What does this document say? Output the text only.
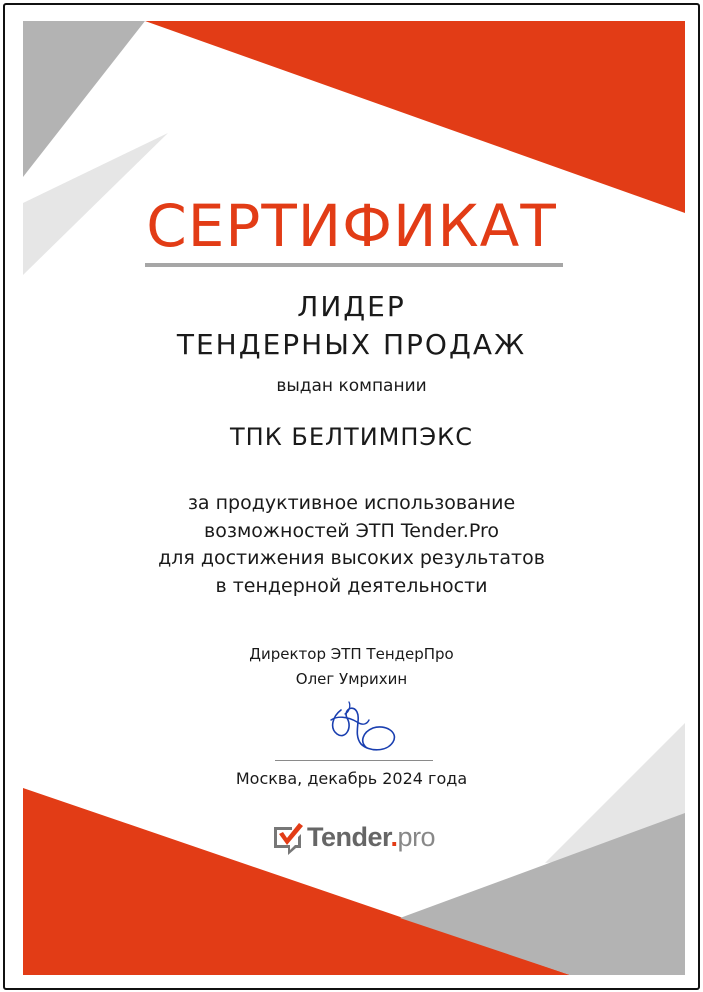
СЕРТИФИКАТ
ЛИДЕР
ТЕНДЕРНЫХ ПРОДАЖ
выдан компании
ТПК БЕЛТИМПЭКС
за продуктивное использование
возможностей ЭТП Tender.Pro
для достижения высоких результатов
в тендерной деятельности
Директор ЭТП ТендерПро
Олег Умрихин
Москва, декабрь 2024 года
Tender.pro
